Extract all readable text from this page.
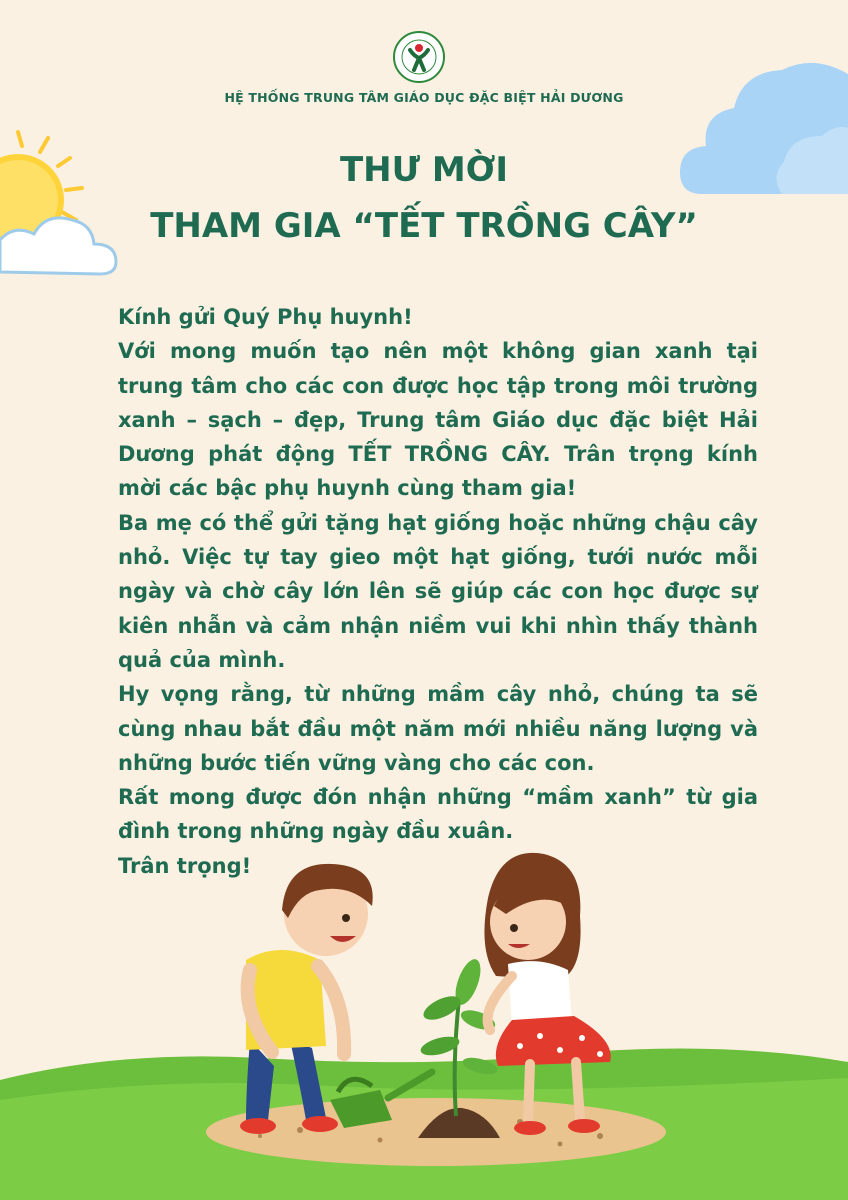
HỆ THỐNG TRUNG TÂM GIÁO DỤC ĐẶC BIỆT HẢI DƯƠNG
THƯ MỜI
THAM GIA “TẾT TRỒNG CÂY”

Kính gửi Quý Phụ huynh!

Với mong muốn tạo nên một không gian xanh tại trung tâm cho các con được học tập trong môi trường xanh – sạch – đẹp, Trung tâm Giáo dục đặc biệt Hải Dương phát động TẾT TRỒNG CÂY. Trân trọng kính mời các bậc phụ huynh cùng tham gia!

Ba mẹ có thể gửi tặng hạt giống hoặc những chậu cây nhỏ. Việc tự tay gieo một hạt giống, tưới nước mỗi ngày và chờ cây lớn lên sẽ giúp các con học được sự kiên nhẫn và cảm nhận niềm vui khi nhìn thấy thành quả của mình.

Hy vọng rằng, từ những mầm cây nhỏ, chúng ta sẽ cùng nhau bắt đầu một năm mới nhiều năng lượng và những bước tiến vững vàng cho các con.

Rất mong được đón nhận những “mầm xanh” từ gia đình trong những ngày đầu xuân.

Trân trọng!
